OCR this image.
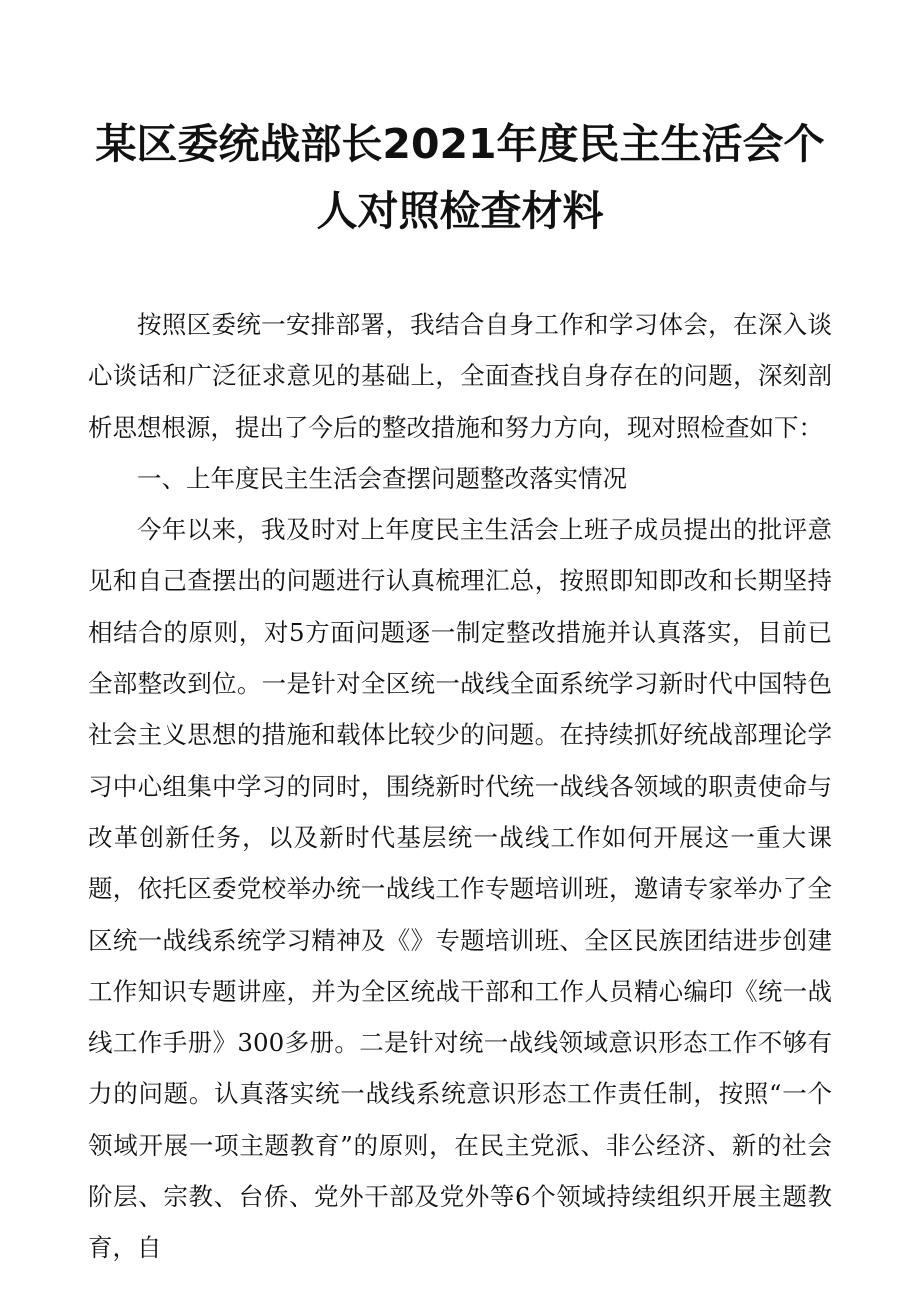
某区委统战部长2021年度民主生活会个
人对照检查材料

按照区委统一安排部署，我结合自身工作和学习体会，在深入谈心谈话和广泛征求意见的基础上，全面查找自身存在的问题，深刻剖析思想根源，提出了今后的整改措施和努力方向，现对照检查如下：

一、上年度民主生活会查摆问题整改落实情况

今年以来，我及时对上年度民主生活会上班子成员提出的批评意见和自己查摆出的问题进行认真梳理汇总，按照即知即改和长期坚持相结合的原则，对5方面问题逐一制定整改措施并认真落实，目前已全部整改到位。一是针对全区统一战线全面系统学习新时代中国特色社会主义思想的措施和载体比较少的问题。在持续抓好统战部理论学习中心组集中学习的同时，围绕新时代统一战线各领域的职责使命与改革创新任务，以及新时代基层统一战线工作如何开展这一重大课题，依托区委党校举办统一战线工作专题培训班，邀请专家举办了全区统一战线系统学习精神及《》专题培训班、全区民族团结进步创建工作知识专题讲座，并为全区统战干部和工作人员精心编印《统一战线工作手册》300多册。二是针对统一战线领域意识形态工作不够有力的问题。认真落实统一战线系统意识形态工作责任制，按照“一个领域开展一项主题教育”的原则，在民主党派、非公经济、新的社会阶层、宗教、台侨、党外干部及党外等6个领域持续组织开展主题教育，自
